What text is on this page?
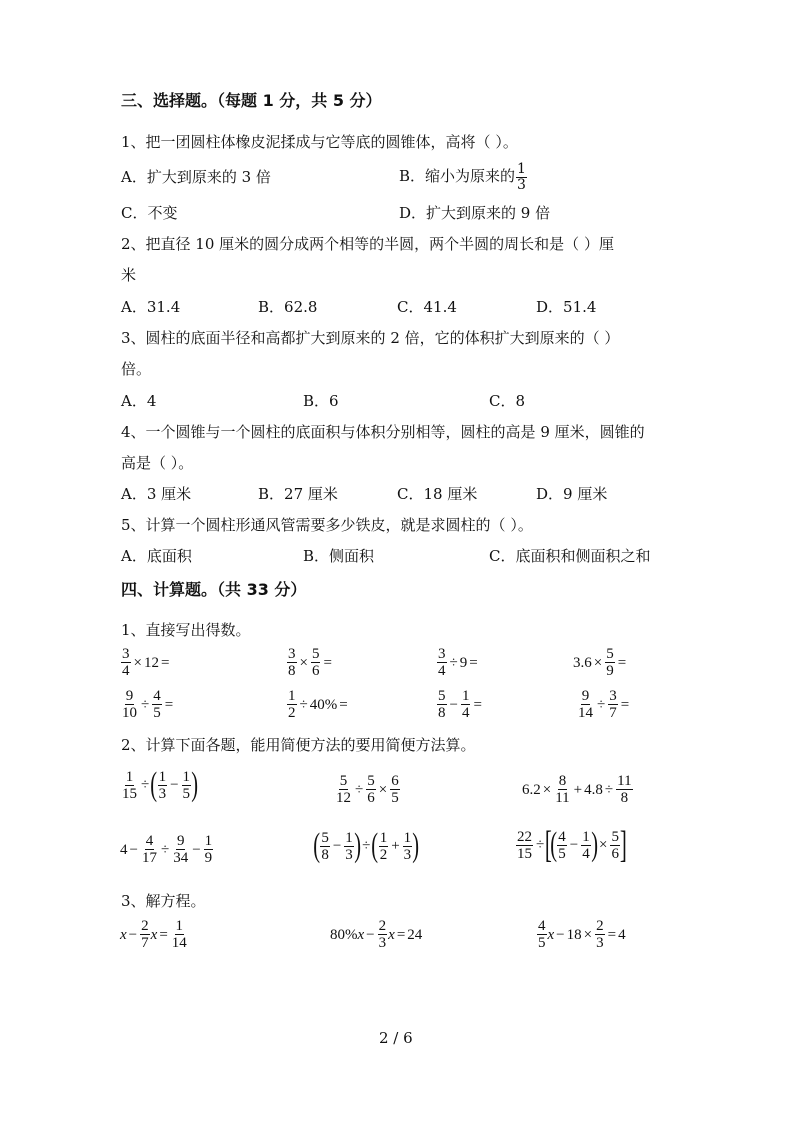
三、选择题。（每题 1 分，共 5 分）
1、把一团圆柱体橡皮泥揉成与它等底的圆锥体，高将（ ）。
A．扩大到原来的 3 倍	B．缩小为原来的 $\frac{1}{3}$
C．不变	D．扩大到原来的 9 倍
2、把直径 10 厘米的圆分成两个相等的半圆，两个半圆的周长和是（ ）厘
米
A．31.4	B．62.8	C．41.4	D．51.4
3、圆柱的底面半径和高都扩大到原来的 2 倍，它的体积扩大到原来的（ ）
倍。
A．4	B．6	C．8
4、一个圆锥与一个圆柱的底面积与体积分别相等，圆柱的高是 9 厘米，圆锥的
高是（ ）。
A．3 厘米	B．27 厘米	C．18 厘米	D．9 厘米
5、计算一个圆柱形通风管需要多少铁皮，就是求圆柱的（ ）。
A．底面积	B．侧面积	C．底面积和侧面积之和
四、计算题。（共 33 分）
1、直接写出得数。
$\frac{3}{4} \times 12$ =	$\frac{3}{8} \times \frac{5}{6}$ =	$\frac{3}{4} \div 9$ =	$3.6 \times \frac{5}{9}$ =
$\frac{9}{10} \div \frac{4}{5}$ =	$\frac{1}{2} \div 40\%$ =	$\frac{5}{8} - \frac{1}{4}$ =	$\frac{9}{14} \div \frac{3}{7}$ =
2、计算下面各题，能用简便方法的要用简便方法算。
$\frac{1}{15}$ ÷ ( $\frac{1}{3} - \frac{1}{5}$ )	$\frac{5}{12} \div \frac{5}{6} \times \frac{6}{5}$	$6.2 \times \frac{8}{11} + 4.8 \div \frac{11}{8}$
$4 - \frac{4}{17} \div \frac{9}{34} - \frac{1}{9}$	( $\frac{5}{8} - \frac{1}{3}$ ) ÷ ( $\frac{1}{2} + \frac{1}{3}$ )	$\frac{22}{15}$ ÷ [
( $\frac{4}{5} - \frac{1}{4}$ ) × $\frac{5}{6}$ ]
3、解方程。
$x - \frac{2}{7}$ $x = \frac{1}{14}$	80% $x - \frac{2}{3}$ x = 24	$\frac{4}{5}$ $x - 18 \times \frac{2}{3} = 4$
2 / 6
